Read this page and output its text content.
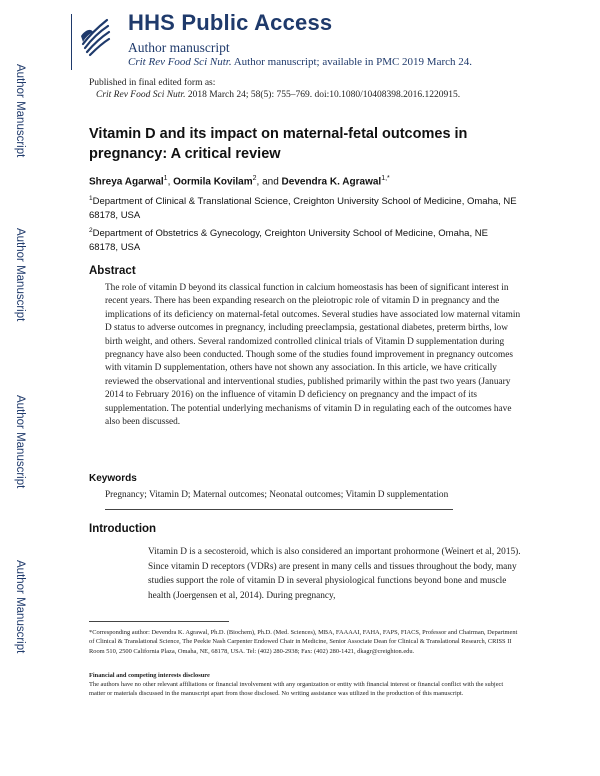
Author Manuscript
Author Manuscript
Author Manuscript
Author Manuscript
HHS Public Access
Author manuscript
Crit Rev Food Sci Nutr. Author manuscript; available in PMC 2019 March 24.
Published in final edited form as:
Crit Rev Food Sci Nutr. 2018 March 24; 58(5): 755–769. doi:10.1080/10408398.2016.1220915.
Vitamin D and its impact on maternal-fetal outcomes in pregnancy: A critical review
Shreya Agarwal$^1$, Oormila Kovilam$^2$, and Devendra K. Agrawal$^{1,*}$
$^1$Department of Clinical & Translational Science, Creighton University School of Medicine, Omaha, NE 68178, USA
$^2$Department of Obstetrics & Gynecology, Creighton University School of Medicine, Omaha, NE 68178, USA
Abstract

The role of vitamin D beyond its classical function in calcium homeostasis has been of significant interest in recent years. There has been expanding research on the pleiotropic role of vitamin D in pregnancy and the implications of its deficiency on maternal-fetal outcomes. Several studies have associated low maternal vitamin D status to adverse outcomes in pregnancy, including preeclampsia, gestational diabetes, preterm births, low birth weight, and others. Several randomized controlled clinical trials of Vitamin D supplementation during pregnancy have also been conducted. Though some of the studies found improvement in pregnancy outcomes with vitamin D supplementation, others have not shown any association. In this article, we have critically reviewed the observational and interventional studies, published primarily within the past two years (January 2014 to February 2016) on the influence of vitamin D deficiency on pregnancy and the impact of its supplementation. The potential underlying mechanisms of vitamin D in regulating each of the outcomes have also been discussed.

Keywords
Pregnancy; Vitamin D; Maternal outcomes; Neonatal outcomes; Vitamin D supplementation
Introduction

Vitamin D is a secosteroid, which is also considered an important prohormone (Weinert et al, 2015). Since vitamin D receptors (VDRs) are present in many cells and tissues throughout the body, many studies support the role of vitamin D in several physiological functions beyond bone and muscle health (Joergensen et al, 2014). During pregnancy,

*Corresponding author: Devendra K. Agrawal, Ph.D. (Biochem), Ph.D. (Med. Sciences), MBA, FAAAAI, FAHA, FAPS, FIACS, Professor and Chairman, Department of Clinical & Translational Science, The Peekie Nash Carpenter Endowed Chair in Medicine, Senior Associate Dean for Clinical & Translational Research, CRISS II Room 510, 2500 California Plaza, Omaha, NE, 68178, USA. Tel: (402) 280-2938; Fax: (402) 280-1421, dkagr@creighton.edu.

Financial and competing interests disclosure

The authors have no other relevant affiliations or financial involvement with any organization or entity with financial interest or financial conflict with the subject matter or materials discussed in the manuscript apart from those disclosed. No writing assistance was utilized in the production of this manuscript.
